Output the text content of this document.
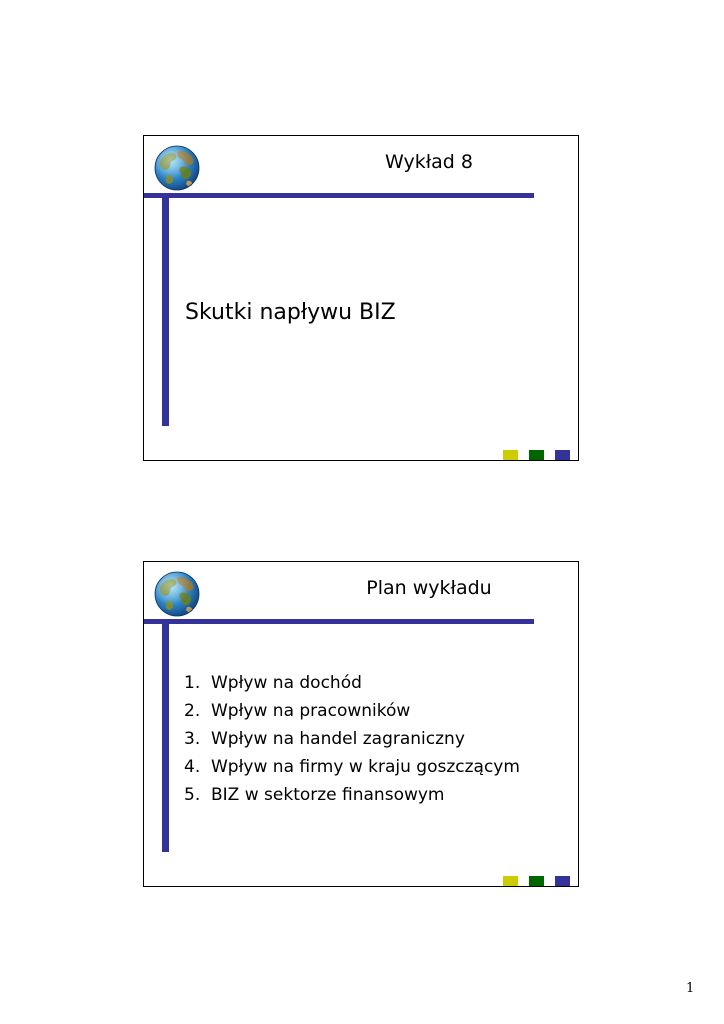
Wykład 8
Skutki napływu BIZ
Plan wykładu
1. Wpływ na dochód
2. Wpływ na pracowników
3. Wpływ na handel zagraniczny
4. Wpływ na firmy w kraju goszczącym
5. BIZ w sektorze finansowym
1
